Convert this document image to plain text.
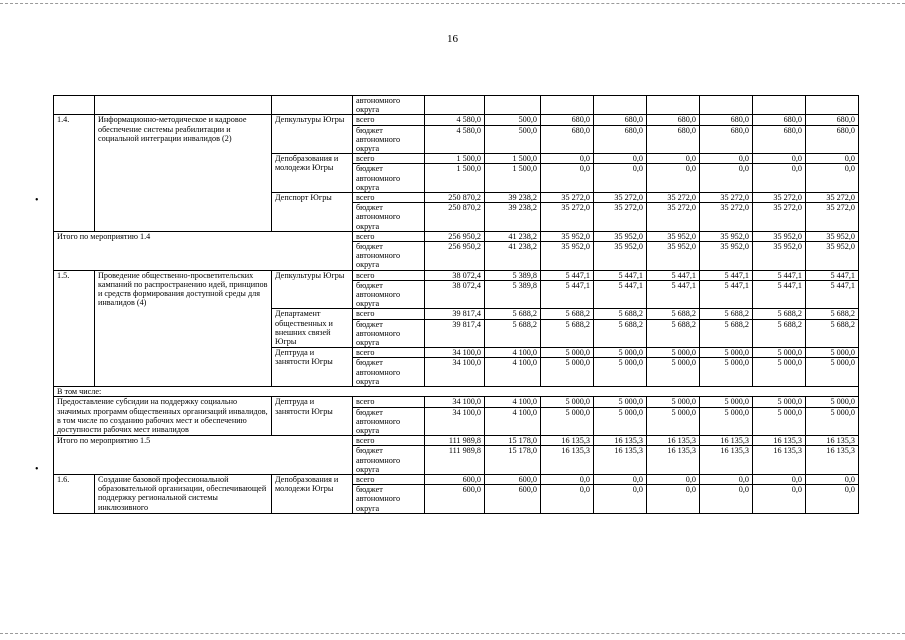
16
•
•
			автономного округа								
1.4.	Информационно-методическое и кадровое обеспечение системы реабилитации и социальной интеграции инвалидов (2)	Депкультуры Югры	всего	4 580,0	500,0	680,0	680,0	680,0	680,0	680,0	680,0
			бюджет автономного округа	4 580,0	500,0	680,0	680,0	680,0	680,0	680,0	680,0
		Депобразования и молодежи Югры	всего	1 500,0	1 500,0	0,0	0,0	0,0	0,0	0,0	0,0
			бюджет автономного округа	1 500,0	1 500,0	0,0	0,0	0,0	0,0	0,0	0,0
		Депспорт Югры	всего	250 870,2	39 238,2	35 272,0	35 272,0	35 272,0	35 272,0	35 272,0	35 272,0
			бюджет автономного округа	250 870,2	39 238,2	35 272,0	35 272,0	35 272,0	35 272,0	35 272,0	35 272,0
Итого по мероприятию 1.4			всего	256 950,2	41 238,2	35 952,0	35 952,0	35 952,0	35 952,0	35 952,0	35 952,0
			бюджет автономного округа	256 950,2	41 238,2	35 952,0	35 952,0	35 952,0	35 952,0	35 952,0	35 952,0
1.5.	Проведение общественно-просветительских кампаний по распространению идей, принципов и средств формирования доступной среды для инвалидов (4)	Депкультуры Югры	всего	38 072,4	5 389,8	5 447,1	5 447,1	5 447,1	5 447,1	5 447,1	5 447,1
			бюджет автономного округа	38 072,4	5 389,8	5 447,1	5 447,1	5 447,1	5 447,1	5 447,1	5 447,1
		Департамент общественных и внешних связей Югры	всего	39 817,4	5 688,2	5 688,2	5 688,2	5 688,2	5 688,2	5 688,2	5 688,2
			бюджет автономного округа	39 817,4	5 688,2	5 688,2	5 688,2	5 688,2	5 688,2	5 688,2	5 688,2
		Дептруда и занятости Югры	всего	34 100,0	4 100,0	5 000,0	5 000,0	5 000,0	5 000,0	5 000,0	5 000,0
			бюджет автономного округа	34 100,0	4 100,0	5 000,0	5 000,0	5 000,0	5 000,0	5 000,0	5 000,0
В том числе:											
Предоставление субсидии на поддержку социально значимых программ общественных организаций инвалидов, в том числе по созданию рабочих мест и обеспечению доступности рабочих мест инвалидов		Дептруда и занятости Югры	всего	34 100,0	4 100,0	5 000,0	5 000,0	5 000,0	5 000,0	5 000,0	5 000,0
			бюджет автономного округа	34 100,0	4 100,0	5 000,0	5 000,0	5 000,0	5 000,0	5 000,0	5 000,0
Итого по мероприятию 1.5			всего	111 989,8	15 178,0	16 135,3	16 135,3	16 135,3	16 135,3	16 135,3	16 135,3
			бюджет автономного округа	111 989,8	15 178,0	16 135,3	16 135,3	16 135,3	16 135,3	16 135,3	16 135,3
1.6.	Создание базовой профессиональной образовательной организации, обеспечивающей поддержку региональной системы инклюзивного	Депобразования и молодежи Югры	всего	600,0	600,0	0,0	0,0	0,0	0,0	0,0	0,0
			бюджет автономного округа	600,0	600,0	0,0	0,0	0,0	0,0	0,0	0,0
